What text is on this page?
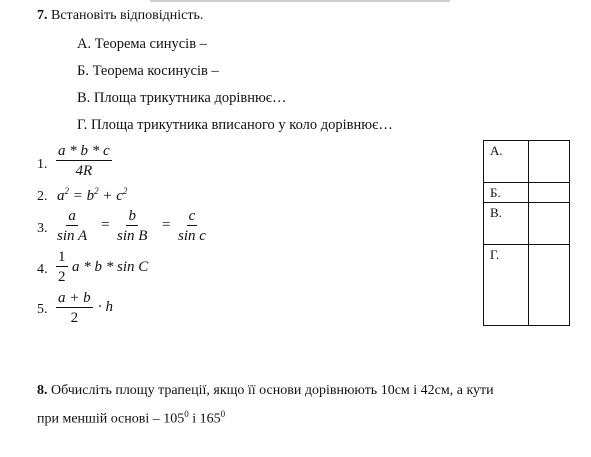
7. Встановіть відповідність.
А. Теорема синусів –
Б. Теорема косинусів –
В. Площа трикутника дорівнює…
Г. Площа трикутника вписаного у коло дорівнює…
1. $\frac{a * b * c}{4R}$
2. $a^2 = b^2 + c^2$
3. $\frac{a}{\text{sin A}} = \frac{b}{\text{sin B}} = \frac{c}{\text{sin c}}$
4. $\frac{1}{2}$ a * b * sin C
5. $\frac{a + b}{2} \cdot h$
А.	
Б.	
В.	
Г.	
8. Обчисліть площу трапеції, якщо її основи дорівнюють 10см і 42см, а кути
при меншій основі – $105^0$ і $165^0$
